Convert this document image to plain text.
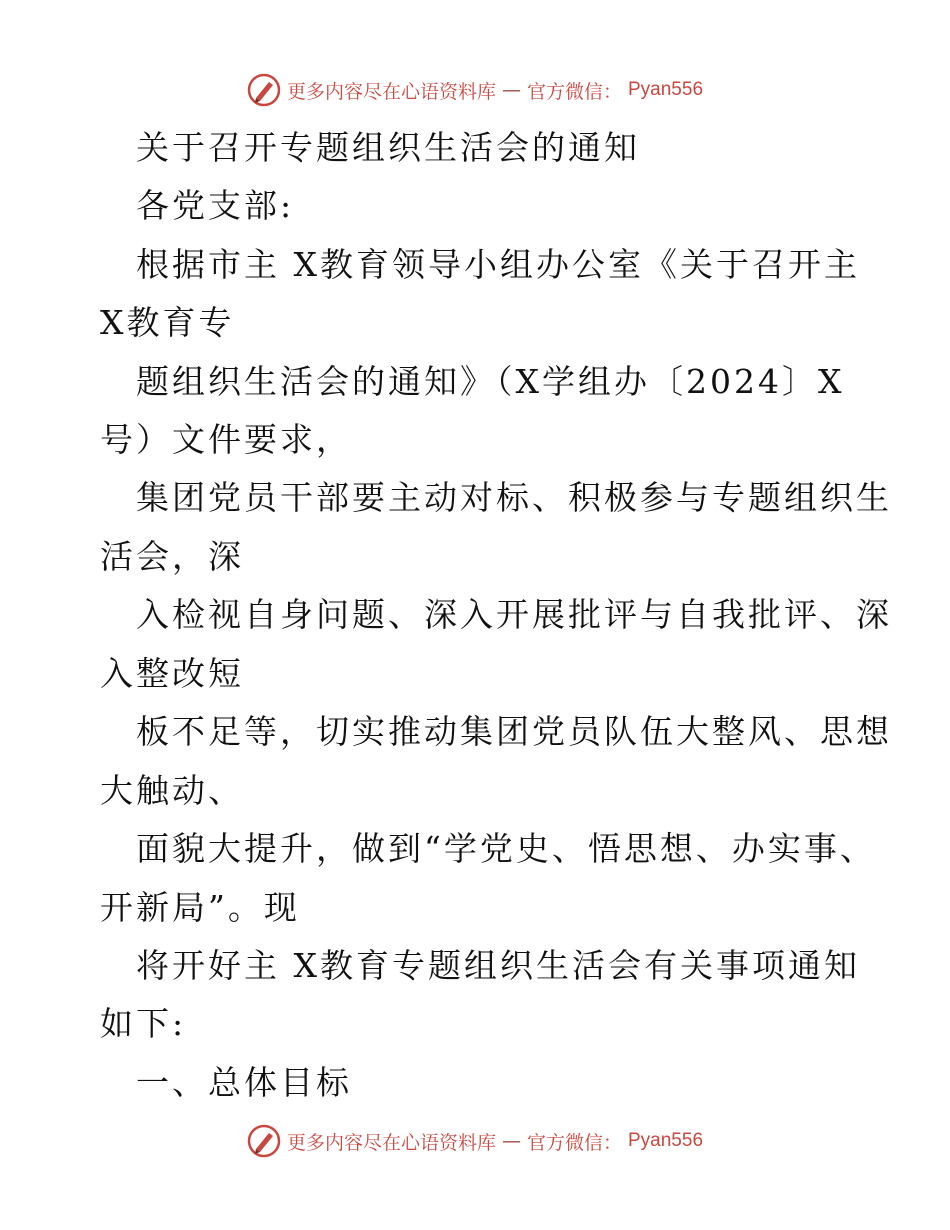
更多内容尽在心语资料库 — 官方微信： Pyan556
关于召开专题组织生活会的通知
各党支部:
根据市主 X教育领导小组办公室《关于召开主
X教育专
题组织生活会的通知》（X学组办〔2024〕X
号）文件要求，
集团党员干部要主动对标、积极参与专题组织生
活会，深
入检视自身问题、深入开展批评与自我批评、深
入整改短
板不足等，切实推动集团党员队伍大整风、思想
大触动、
面貌大提升，做到“学党史、悟思想、办实事、
开新局”。现
将开好主 X教育专题组织生活会有关事项通知
如下:
一、总体目标
更多内容尽在心语资料库 — 官方微信： Pyan556
